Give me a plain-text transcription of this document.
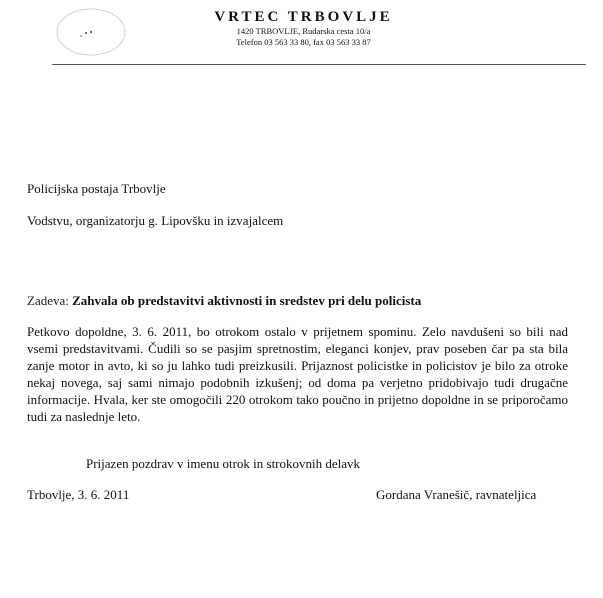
VRTEC TRBOVLJE
1420 TRBOVLJE, Rudarska cesta 10/a
Telefon 03 563 33 80, fax 03 563 33 87
Policijska postaja Trbovlje
Vodstvu, organizatorju g. Lipovšku in izvajalcem
Zadeva: Zahvala ob predstavitvi aktivnosti in sredstev pri delu policista
Petkovo dopoldne, 3. 6. 2011, bo otrokom ostalo v prijetnem spominu. Zelo navdušeni so bili nad vsemi predstavitvami. Čudili so se pasjim spretnostim, eleganci konjev, prav poseben čar pa sta bila zanje motor in avto, ki so ju lahko tudi preizkusili. Prijaznost policistke in policistov je bilo za otroke nekaj novega, saj sami nimajo podobnih izkušenj; od doma pa verjetno pridobivajo tudi drugačne informacije. Hvala, ker ste omogočili 220 otrokom tako poučno in prijetno dopoldne in se priporočamo tudi za naslednje leto.
Prijazen pozdrav v imenu otrok in strokovnih delavk
Trbovlje, 3. 6. 2011	Gordana Vranešič, ravnateljica
